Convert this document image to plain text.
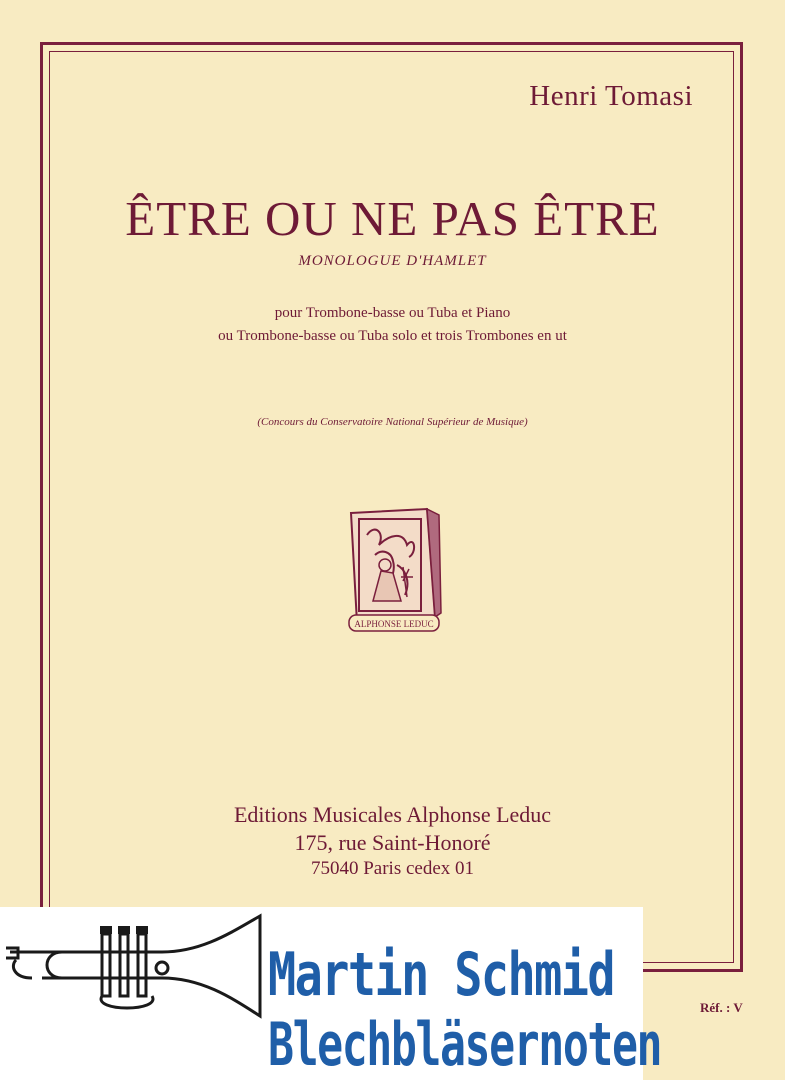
Henri Tomasi
ÊTRE OU NE PAS ÊTRE
MONOLOGUE D'HAMLET
pour Trombone-basse ou Tuba et Piano
ou Trombone-basse ou Tuba solo et trois Trombones en ut
(Concours du Conservatoire National Supérieur de Musique)
ALPHONSE LEDUC
Editions Musicales Alphonse Leduc
175, rue Saint-Honoré
75040 Paris cedex 01
Réf. : V
Martin Schmid
Blechbläsernoten
